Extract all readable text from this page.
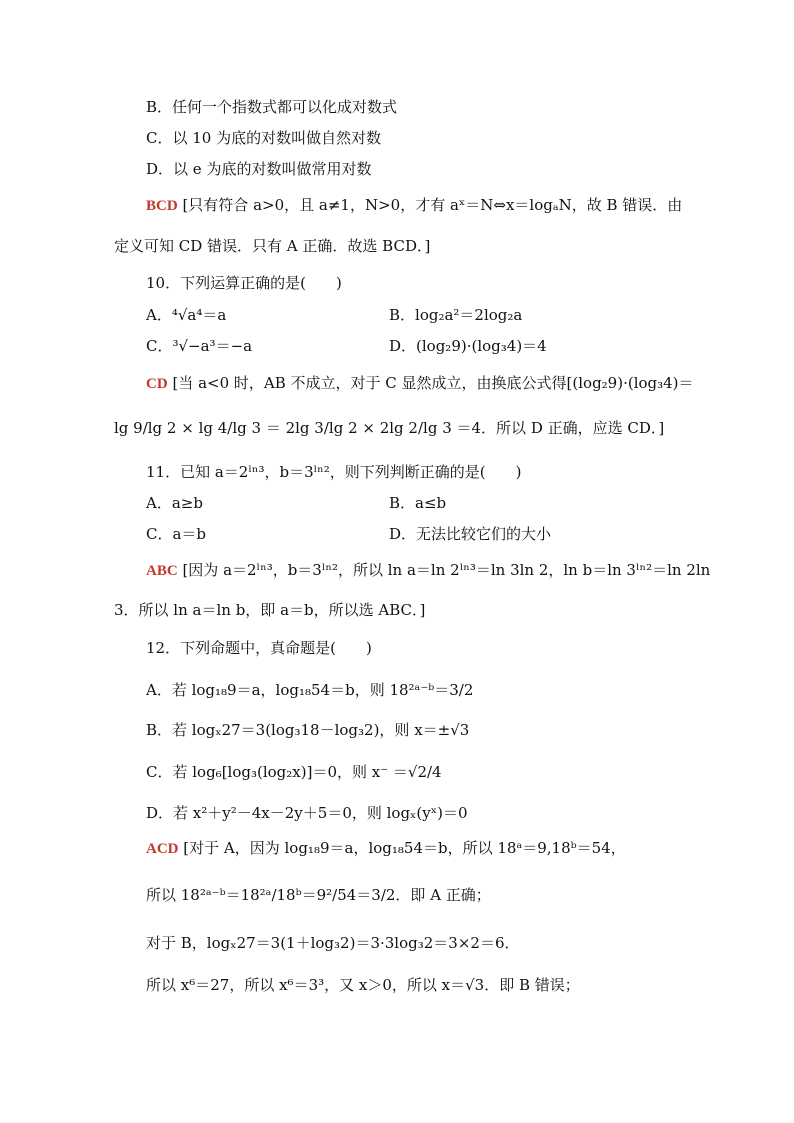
B．任何一个指数式都可以化成对数式
C．以 10 为底的对数叫做自然对数
D．以 e 为底的对数叫做常用对数
BCD [只有符合 a>0，且 a≠1，N>0，才有 aˣ＝N⇔x＝logₐN，故 B 错误．由
定义可知 CD 错误．只有 A 正确．故选 BCD．]
10．下列运算正确的是(　　)
A．⁴√a⁴＝a	B．log₂a²＝2log₂a
C．³√−a³＝−a	D．(log₂9)·(log₃4)＝4
CD [当 a<0 时，AB 不成立，对于 C 显然成立，由换底公式得[(log₂9)·(log₃4)＝
lg 9/lg 2 × lg 4/lg 3 ＝ 2lg 3/lg 2 × 2lg 2/lg 3 ＝4．所以 D 正确，应选 CD．]
11．已知 a＝2ˡⁿ³，b＝3ˡⁿ²，则下列判断正确的是(　　)
A．a≥b	B．a≤b
C．a＝b	D．无法比较它们的大小
ABC [因为 a＝2ˡⁿ³，b＝3ˡⁿ²，所以 ln a＝ln 2ˡⁿ³＝ln 3ln 2，ln b＝ln 3ˡⁿ²＝ln 2ln
3．所以 ln a＝ln b，即 a＝b，所以选 ABC．]
12．下列命题中，真命题是(　　)
A．若 log₁₈9＝a，log₁₈54＝b，则 18²ᵃ⁻ᵇ＝3/2
B．若 logₓ27＝3(log₃18－log₃2)，则 x＝±√3
C．若 log₆[log₃(log₂x)]＝0，则 x⁻ ＝√2/4
D．若 x²＋y²－4x－2y＋5＝0，则 logₓ(yˣ)＝0
ACD [对于 A，因为 log₁₈9＝a，log₁₈54＝b，所以 18ᵃ＝9,18ᵇ＝54，
所以 18²ᵃ⁻ᵇ＝18²ᵃ/18ᵇ＝9²/54＝3/2．即 A 正确；
对于 B，logₓ27＝3(1＋log₃2)＝3·3log₃2＝3×2＝6．
所以 x⁶＝27，所以 x⁶＝3³，又 x＞0，所以 x＝√3．即 B 错误；
